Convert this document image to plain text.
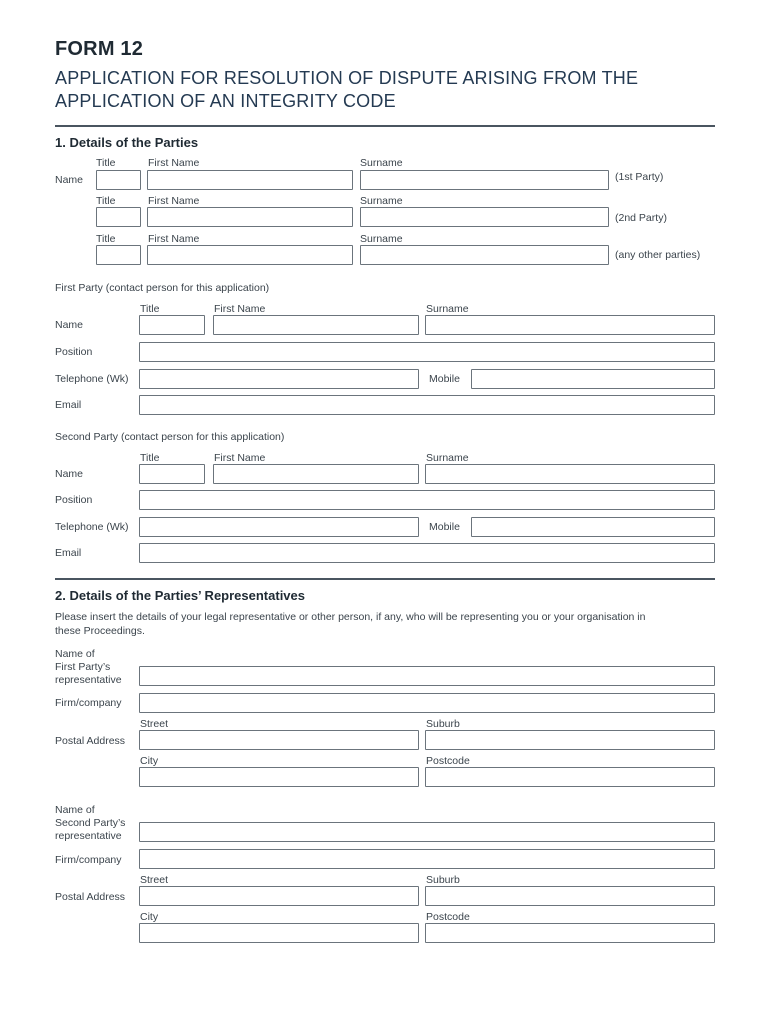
FORM 12
APPLICATION FOR RESOLUTION OF DISPUTE ARISING FROM THE
APPLICATION OF AN INTEGRITY CODE
1. Details of the Parties
Title	First Name	Surname
Name	(1st Party)
Title	First Name	Surname
(2nd Party)
Title	First Name	Surname
(any other parties)
First Party (contact person for this application)
Title	First Name	Surname
Name
Position
Telephone (Wk)	Mobile
Email
Second Party (contact person for this application)
Title	First Name	Surname
Name
Position
Telephone (Wk)	Mobile
Email
2. Details of the Parties’ Representatives
Please insert the details of your legal representative or other person, if any, who will be representing you or your organisation in
these Proceedings.
Name of
First Party’s
representative
Firm/company
Street	Suburb
Postal Address
City	Postcode
Name of
Second Party’s
representative
Firm/company
Street	Suburb
Postal Address
City	Postcode
